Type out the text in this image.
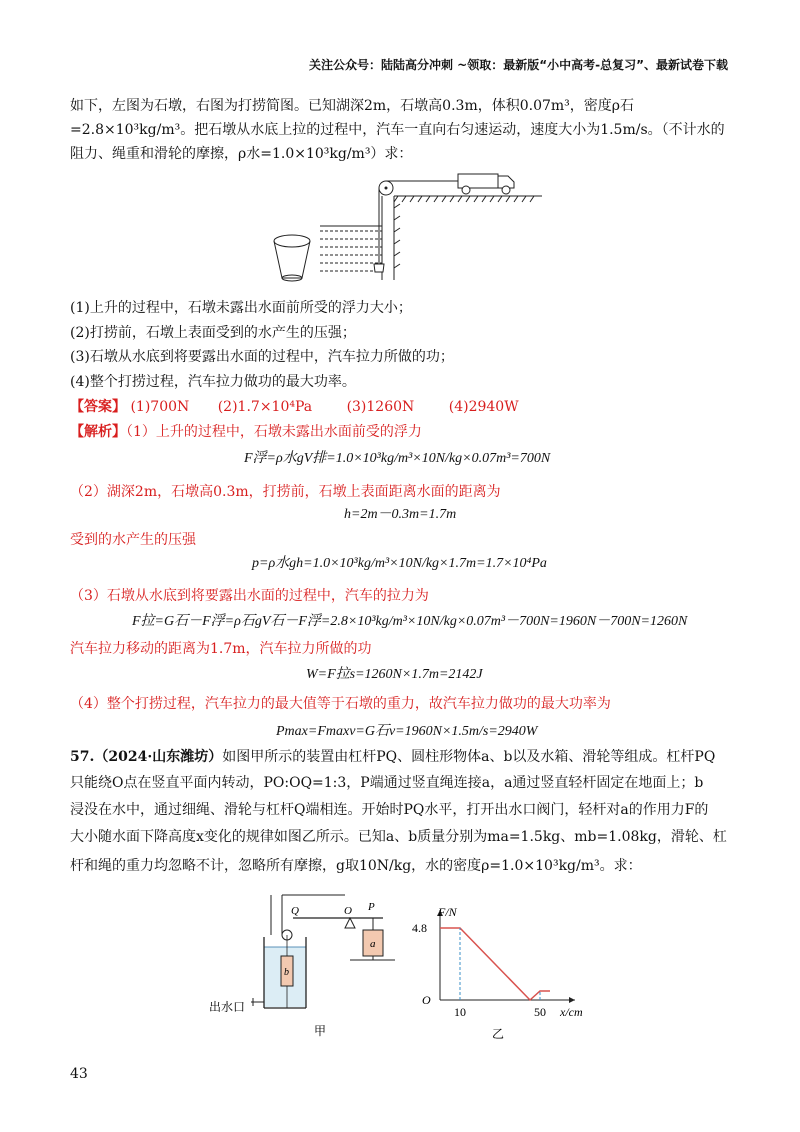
关注公众号：陆陆高分冲刺 ~领取：最新版“小中高考-总复习”、最新试卷下载

如下，左图为石墩，右图为打捞简图。已知湖深2m，石墩高0.3m，体积0.07m³，密度ρ石

=2.8×10³kg/m³。把石墩从水底上拉的过程中，汽车一直向右匀速运动，速度大小为1.5m/s。（不计水的

阻力、绳重和滑轮的摩擦，ρ水=1.0×10³kg/m³）求：

(1)上升的过程中，石墩未露出水面前所受的浮力大小；

(2)打捞前，石墩上表面受到的水产生的压强；

(3)石墩从水底到将要露出水面的过程中，汽车拉力所做的功；

(4)整个打捞过程，汽车拉力做功的最大功率。

【答案】 (1)700N (2)1.7×10⁴Pa (3)1260N (4)2940W
【解析】（1）上升的过程中，石墩未露出水面前受的浮力

F浮=ρ水gV排=1.0×10³kg/m³×10N/kg×0.07m³=700N

（2）湖深2m，石墩高0.3m，打捞前，石墩上表面距离水面的距离为

h=2m－0.3m=1.7m

受到的水产生的压强

p=ρ水gh=1.0×10³kg/m³×10N/kg×1.7m=1.7×10⁴Pa

（3）石墩从水底到将要露出水面的过程中，汽车的拉力为

F拉=G石－F浮=ρ石gV石－F浮=2.8×10³kg/m³×10N/kg×0.07m³－700N=1960N－700N=1260N

汽车拉力移动的距离为1.7m，汽车拉力所做的功

W=F拉s=1260N×1.7m=2142J

（4）整个打捞过程，汽车拉力的最大值等于石墩的重力，故汽车拉力做功的最大功率为

Pmax=Fmaxv=G石v=1960N×1.5m/s=2940W

57.（2024·山东潍坊）如图甲所示的装置由杠杆PQ、圆柱形物体a、b以及水箱、滑轮等组成。杠杆PQ

只能绕O点在竖直平面内转动，PO:OQ=1:3，P端通过竖直绳连接a，a通过竖直轻杆固定在地面上；b

浸没在水中，通过细绳、滑轮与杠杆Q端相连。开始时PQ水平，打开出水口阀门，轻杆对a的作用力F的

大小随水面下降高度x变化的规律如图乙所示。已知a、b质量分别为ma=1.5kg、mb=1.08kg，滑轮、杠

杆和绳的重力均忽略不计，忽略所有摩擦，g取10N/kg，水的密度ρ=1.0×10³kg/m³。求：

b
a
Q	O P
出水口
甲
O
F/N
x/cm
10	50
4.8
乙
43
